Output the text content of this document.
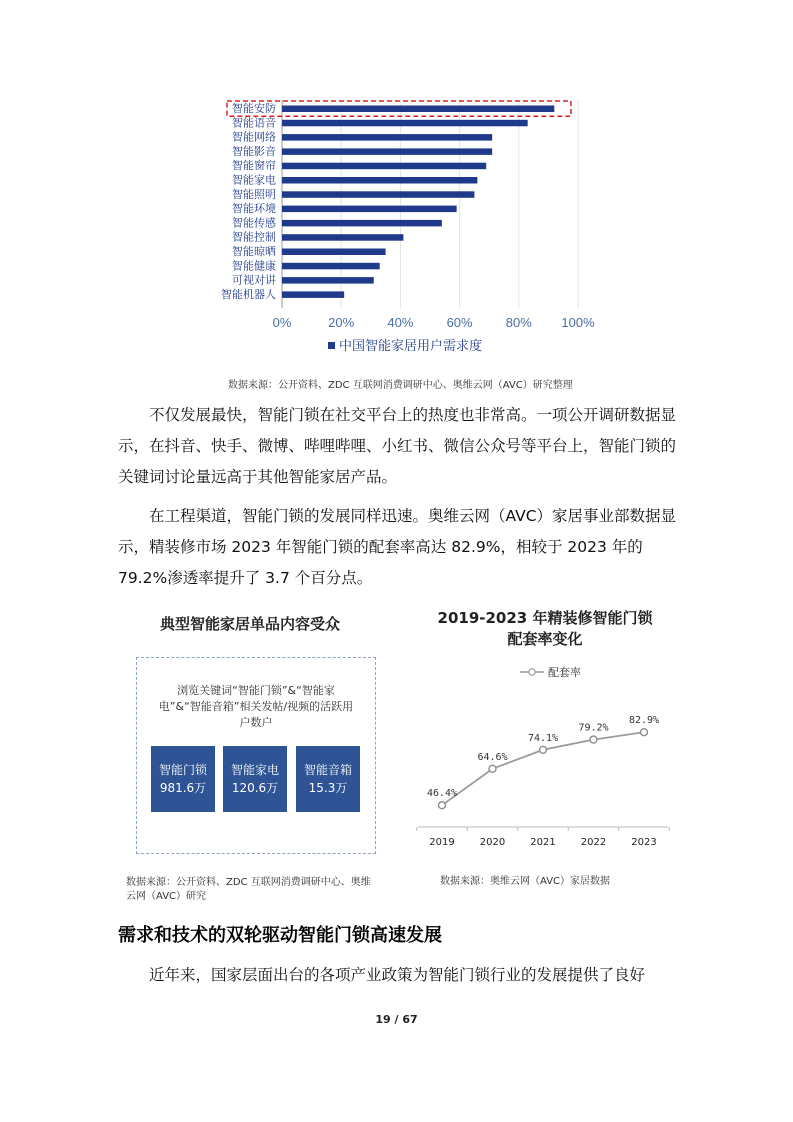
智能安防
智能语音
智能网络
智能影音
智能窗帘
智能家电
智能照明
智能环境
智能传感
智能控制
智能晾晒
智能健康
可视对讲
智能机器人
0%	20%	40%	60%	80% 100%
中国智能家居用户需求度
数据来源：公开资料、ZDC 互联网消费调研中心、奥维云网（AVC）研究整理
不仅发展最快，智能门锁在社交平台上的热度也非常高。一项公开调研数据显示，在抖音、快手、微博、哔哩哔哩、小红书、微信公众号等平台上，智能门锁的关键词讨论量远高于其他智能家居产品。
在工程渠道，智能门锁的发展同样迅速。奥维云网（AVC）家居事业部数据显示，精装修市场 2023 年智能门锁的配套率高达 82.9%，相较于 2023 年的 79.2%渗透率提升了 3.7 个百分点。
典型智能家居单品内容受众
浏览关键词“智能门锁”&“智能家电”&“智能音箱”相关发帖/视频的活跃用户数户
智能门锁
981.6万
智能家电
120.6万
智能音箱
15.3万
数据来源：公开资料、ZDC 互联网消费调研中心、奥维云网（AVC）研究
2019-2023 年精装修智能门锁
配套率变化
配套率
46.4%
64.6%
74.1%
79.2%
82.9%
2019	2020	2021	2022	2023
数据来源：奥维云网（AVC）家居数据
需求和技术的双轮驱动智能门锁高速发展
近年来，国家层面出台的各项产业政策为智能门锁行业的发展提供了良好
19 / 67
